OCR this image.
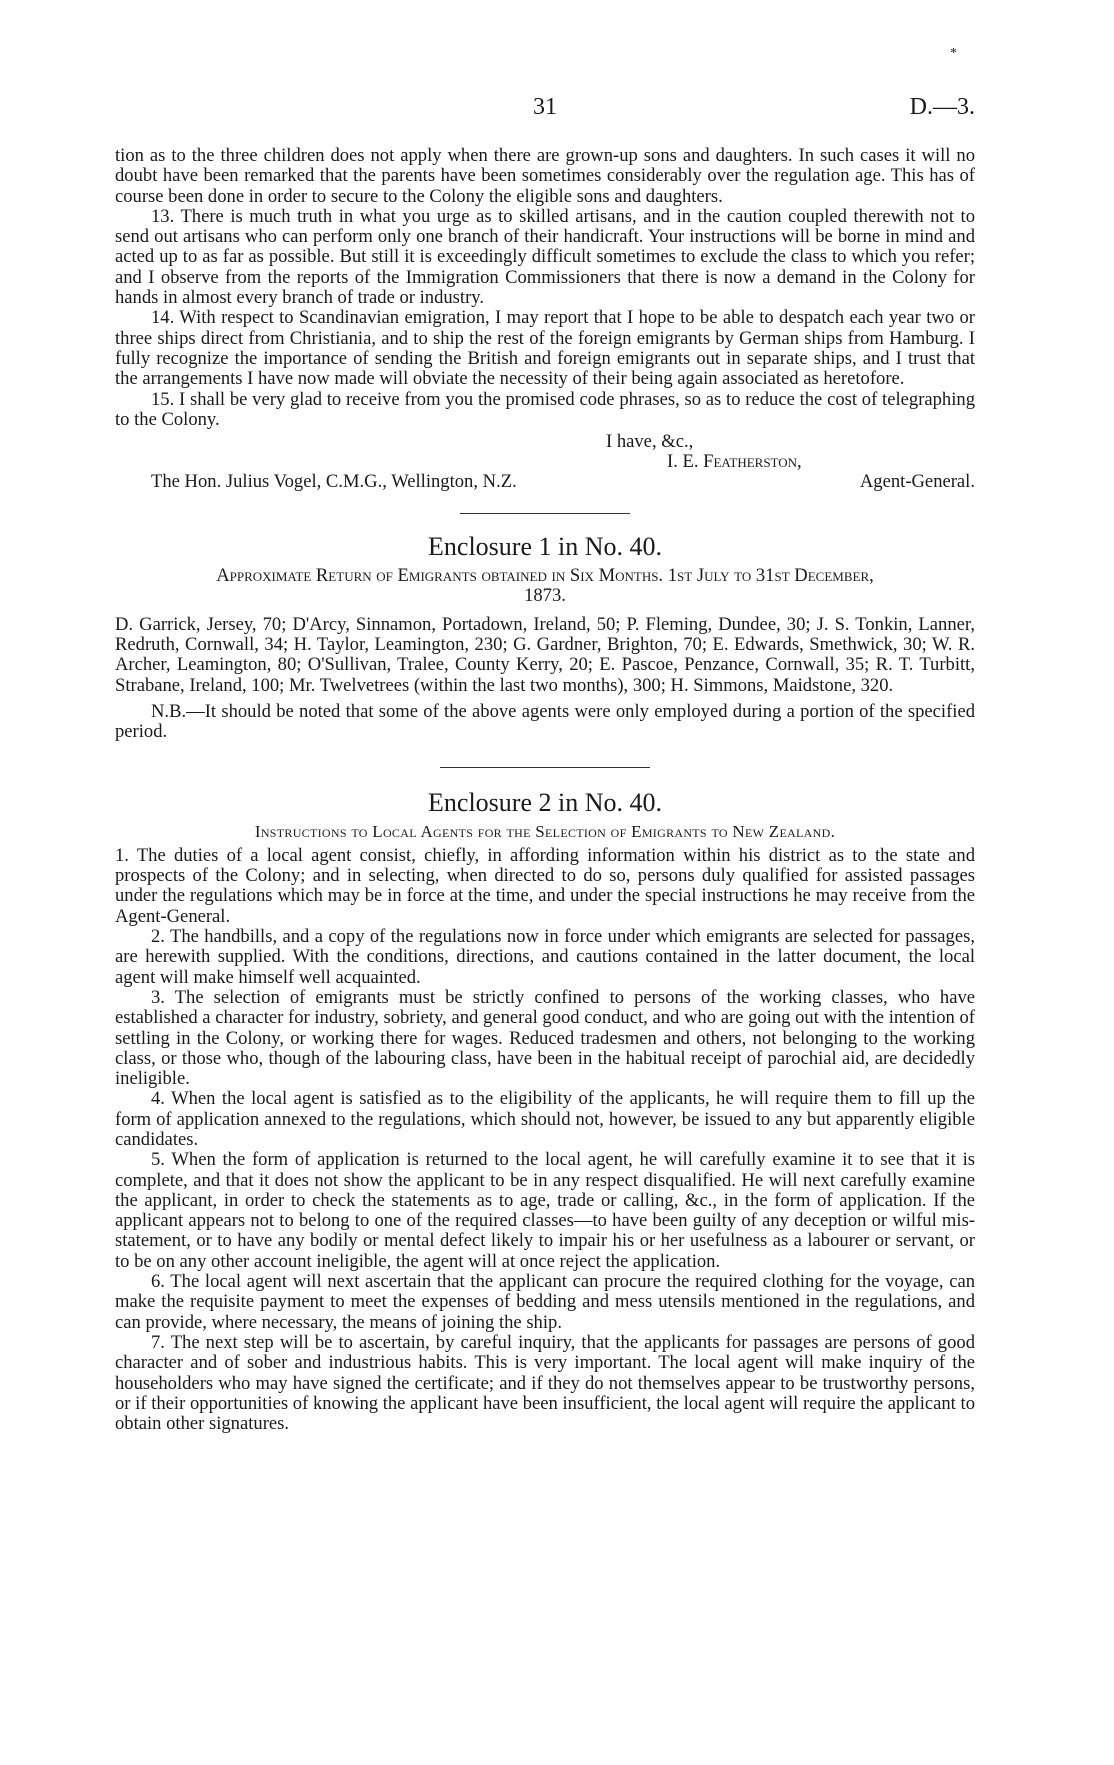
*
31	D.—3.

tion as to the three children does not apply when there are grown-up sons and daughters. In such cases it will no doubt have been remarked that the parents have been sometimes considerably over the regulation age. This has of course been done in order to secure to the Colony the eligible sons and daughters.

13. There is much truth in what you urge as to skilled artisans, and in the caution coupled therewith not to send out artisans who can perform only one branch of their handicraft. Your instructions will be borne in mind and acted up to as far as possible. But still it is exceedingly difficult sometimes to exclude the class to which you refer; and I observe from the reports of the Immigration Commissioners that there is now a demand in the Colony for hands in almost every branch of trade or industry.

14. With respect to Scandinavian emigration, I may report that I hope to be able to despatch each year two or three ships direct from Christiania, and to ship the rest of the foreign emigrants by German ships from Hamburg. I fully recognize the importance of sending the British and foreign emigrants out in separate ships, and I trust that the arrangements I have now made will obviate the necessity of their being again associated as heretofore.

15. I shall be very glad to receive from you the promised code phrases, so as to reduce the cost of telegraphing to the Colony.

I have, &c.,
I. E. Featherston,
The Hon. Julius Vogel, C.M.G., Wellington, N.Z.	Agent-General.
Enclosure 1 in No. 40.
Approximate Return of Emigrants obtained in Six Months. 1st July to 31st December,
1873.

D. Garrick, Jersey, 70; D'Arcy, Sinnamon, Portadown, Ireland, 50; P. Fleming, Dundee, 30; J. S. Tonkin, Lanner, Redruth, Cornwall, 34; H. Taylor, Leamington, 230; G. Gardner, Brighton, 70; E. Edwards, Smethwick, 30; W. R. Archer, Leamington, 80; O'Sullivan, Tralee, County Kerry, 20; E. Pascoe, Penzance, Cornwall, 35; R. T. Turbitt, Strabane, Ireland, 100; Mr. Twelvetrees (within the last two months), 300; H. Simmons, Maidstone, 320.

N.B.—It should be noted that some of the above agents were only employed during a portion of the specified period.

Enclosure 2 in No. 40.
Instructions to Local Agents for the Selection of Emigrants to New Zealand.

1. The duties of a local agent consist, chiefly, in affording information within his district as to the state and prospects of the Colony; and in selecting, when directed to do so, persons duly qualified for assisted passages under the regulations which may be in force at the time, and under the special instructions he may receive from the Agent-General.

2. The handbills, and a copy of the regulations now in force under which emigrants are selected for passages, are herewith supplied. With the conditions, directions, and cautions contained in the latter document, the local agent will make himself well acquainted.

3. The selection of emigrants must be strictly confined to persons of the working classes, who have established a character for industry, sobriety, and general good conduct, and who are going out with the intention of settling in the Colony, or working there for wages. Reduced tradesmen and others, not belonging to the working class, or those who, though of the labouring class, have been in the habitual receipt of parochial aid, are decidedly ineligible.

4. When the local agent is satisfied as to the eligibility of the applicants, he will require them to fill up the form of application annexed to the regulations, which should not, however, be issued to any but apparently eligible candidates.

5. When the form of application is returned to the local agent, he will carefully examine it to see that it is complete, and that it does not show the applicant to be in any respect disqualified. He will next carefully examine the applicant, in order to check the statements as to age, trade or calling, &c., in the form of application. If the applicant appears not to belong to one of the required classes—to have been guilty of any deception or wilful mis-statement, or to have any bodily or mental defect likely to impair his or her usefulness as a labourer or servant, or to be on any other account ineligible, the agent will at once reject the application.

6. The local agent will next ascertain that the applicant can procure the required clothing for the voyage, can make the requisite payment to meet the expenses of bedding and mess utensils mentioned in the regulations, and can provide, where necessary, the means of joining the ship.

7. The next step will be to ascertain, by careful inquiry, that the applicants for passages are persons of good character and of sober and industrious habits. This is very important. The local agent will make inquiry of the householders who may have signed the certificate; and if they do not themselves appear to be trustworthy persons, or if their opportunities of knowing the applicant have been insufficient, the local agent will require the applicant to obtain other signatures.
